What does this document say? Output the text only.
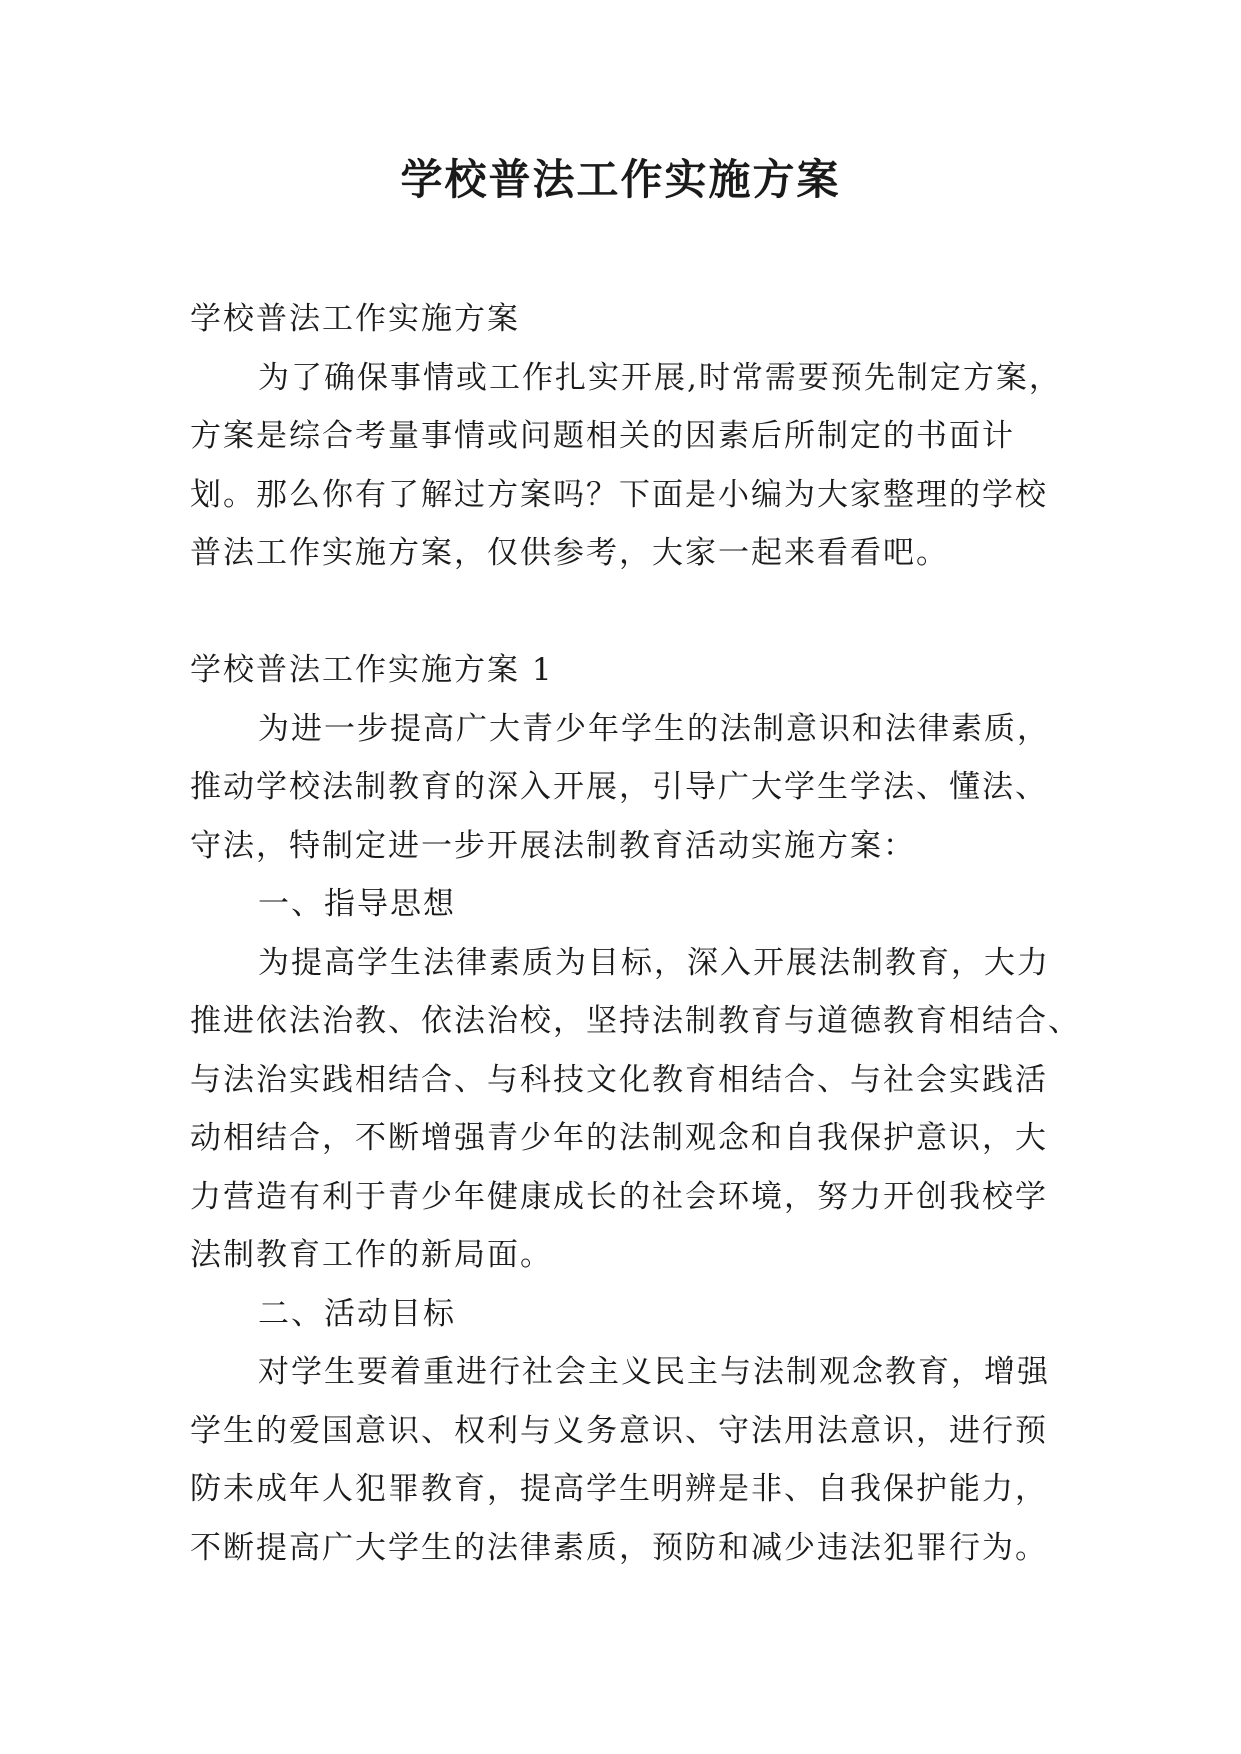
学校普法工作实施方案
学校普法工作实施方案
为了确保事情或工作扎实开展,时常需要预先制定方案，
方案是综合考量事情或问题相关的因素后所制定的书面计
划。那么你有了解过方案吗？下面是小编为大家整理的学校
普法工作实施方案，仅供参考，大家一起来看看吧。
学校普法工作实施方案 1
为进一步提高广大青少年学生的法制意识和法律素质，
推动学校法制教育的深入开展，引导广大学生学法、懂法、
守法，特制定进一步开展法制教育活动实施方案：
一、指导思想
为提高学生法律素质为目标，深入开展法制教育，大力
推进依法治教、依法治校，坚持法制教育与道德教育相结合、
与法治实践相结合、与科技文化教育相结合、与社会实践活
动相结合，不断增强青少年的法制观念和自我保护意识，大
力营造有利于青少年健康成长的社会环境，努力开创我校学
法制教育工作的新局面。
二、活动目标
对学生要着重进行社会主义民主与法制观念教育，增强
学生的爱国意识、权利与义务意识、守法用法意识，进行预
防未成年人犯罪教育，提高学生明辨是非、自我保护能力，
不断提高广大学生的法律素质，预防和减少违法犯罪行为。
